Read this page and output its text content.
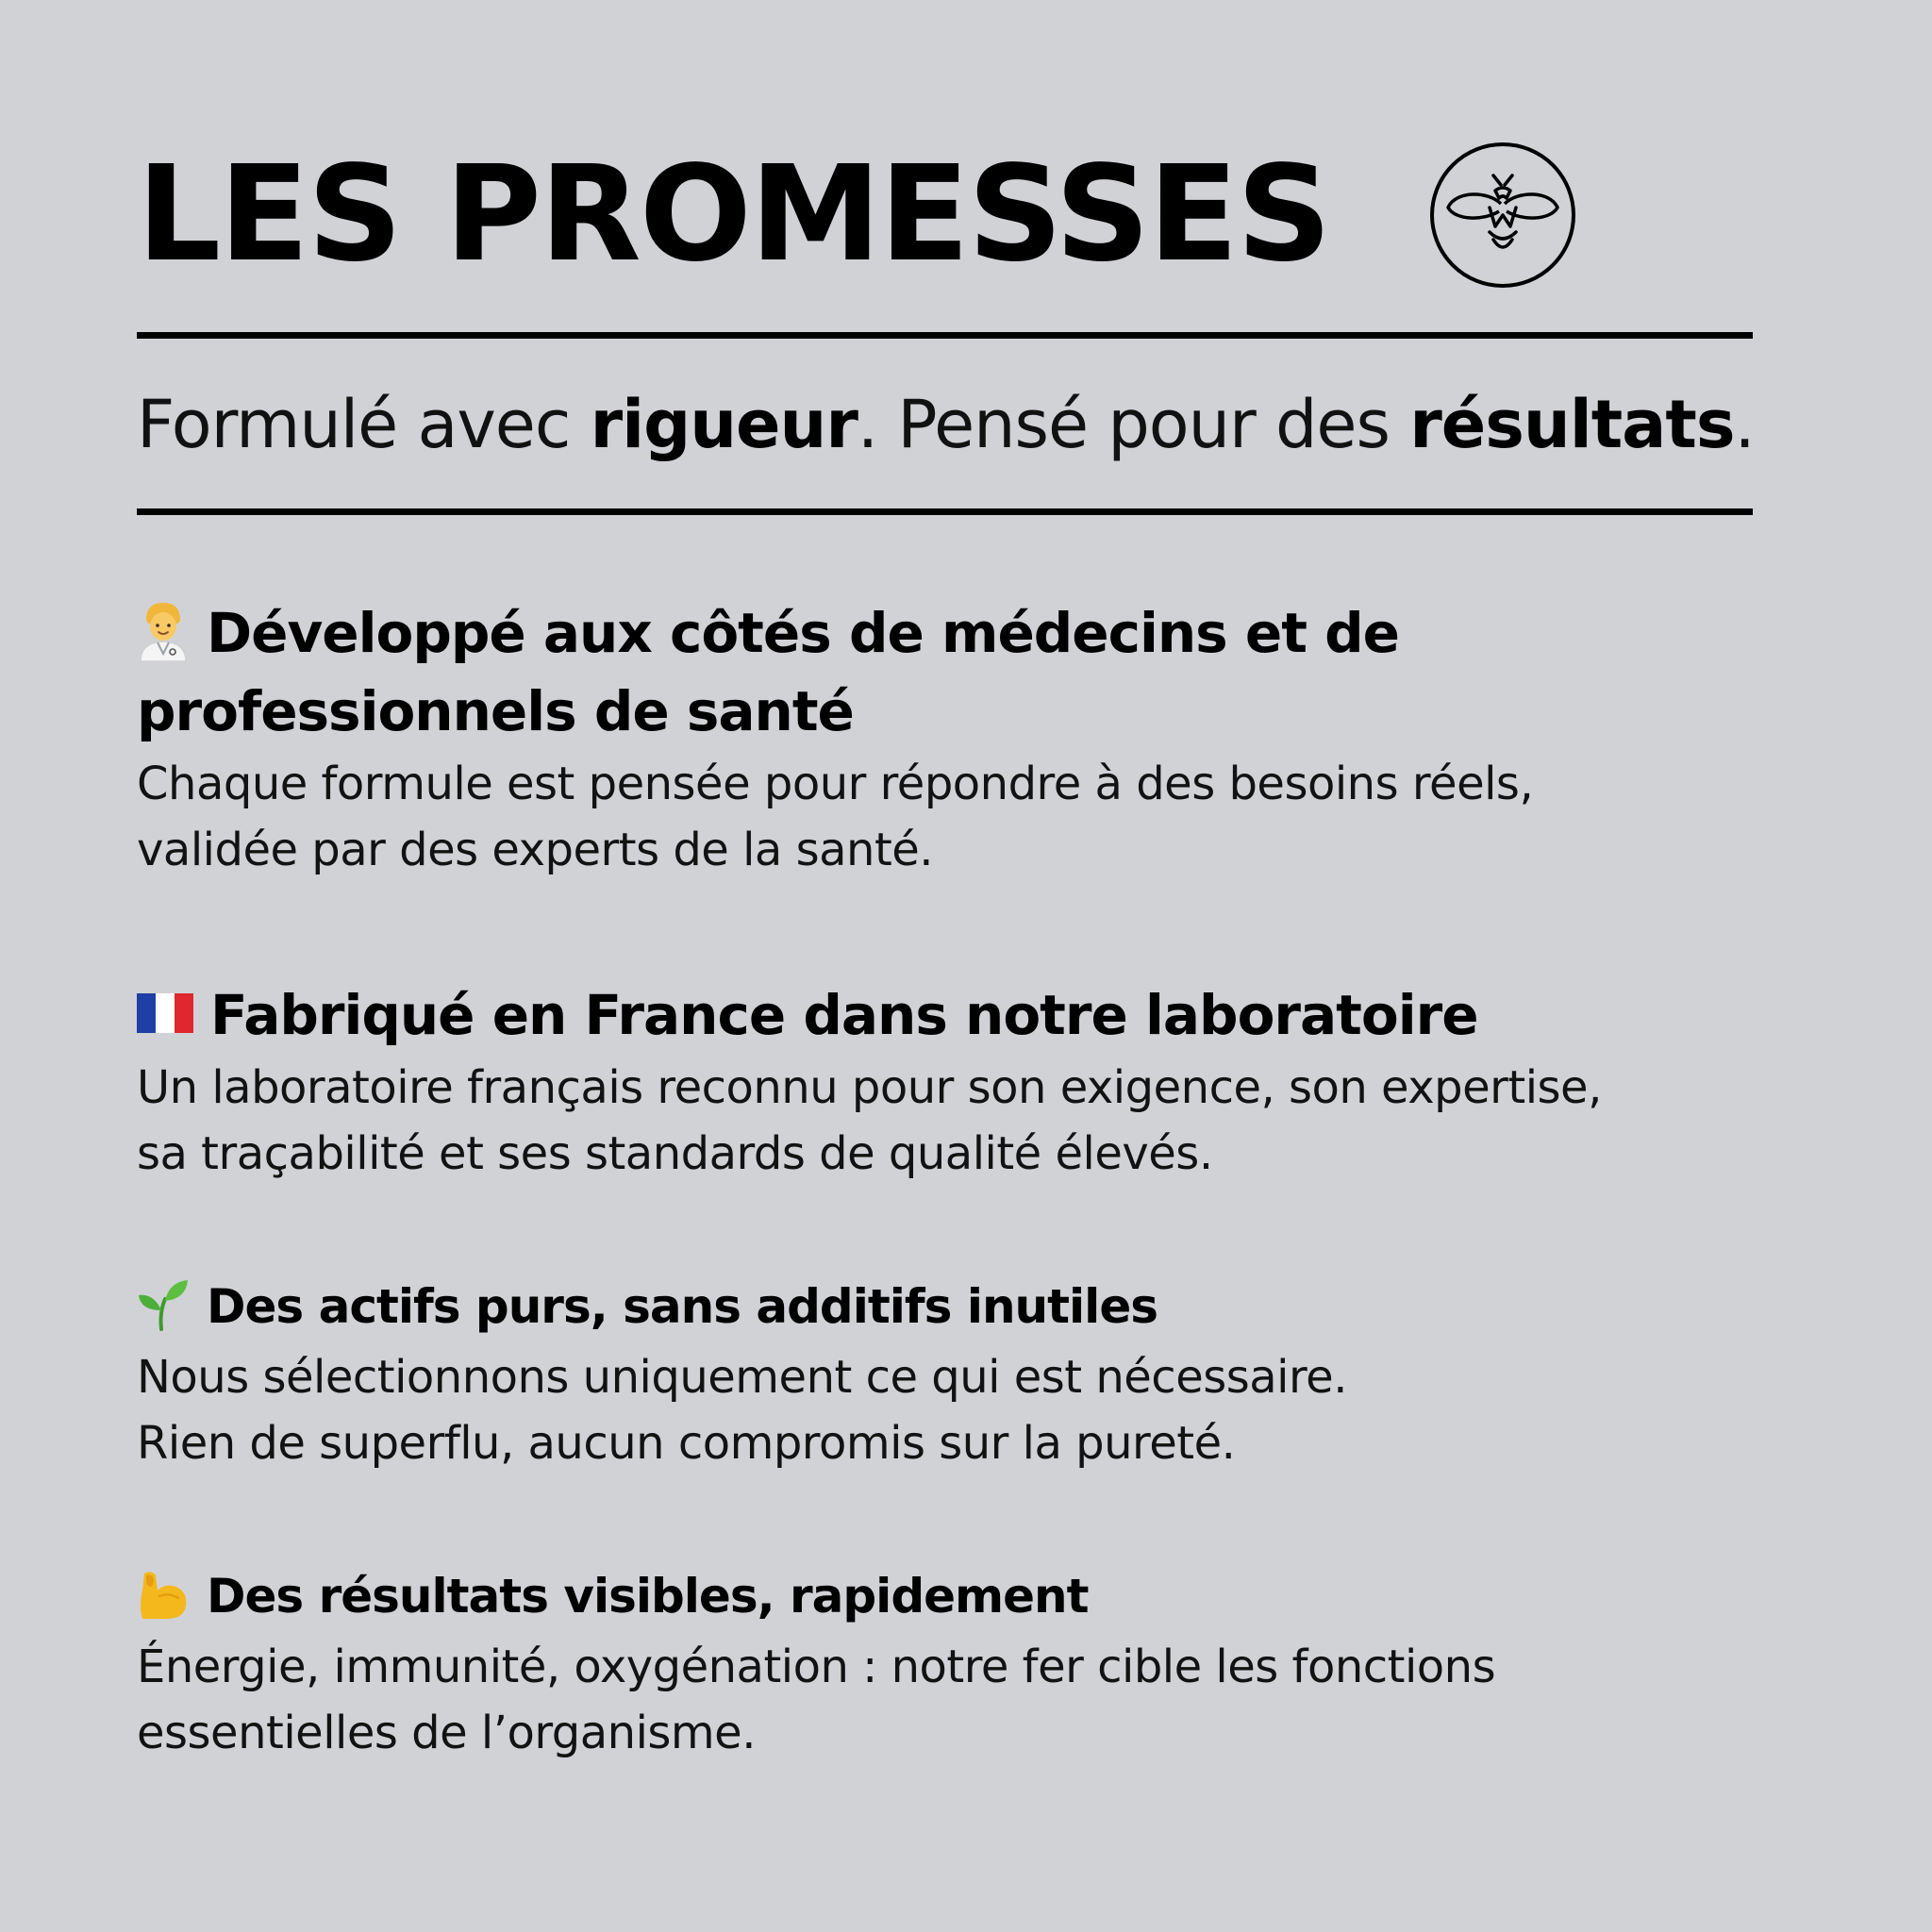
LES PROMESSES

Formulé avec rigueur. Pensé pour des résultats.

Développé aux côtés de médecins et de professionnels de santé

Chaque formule est pensée pour répondre à des besoins réels,
validée par des experts de la santé.

Fabriqué en France dans notre laboratoire

Un laboratoire français reconnu pour son exigence, son expertise,
sa traçabilité et ses standards de qualité élevés.

Des actifs purs, sans additifs inutiles

Nous sélectionnons uniquement ce qui est nécessaire.
Rien de superflu, aucun compromis sur la pureté.

Des résultats visibles, rapidement

Énergie, immunité, oxygénation : notre fer cible les fonctions
essentielles de l’organisme.
